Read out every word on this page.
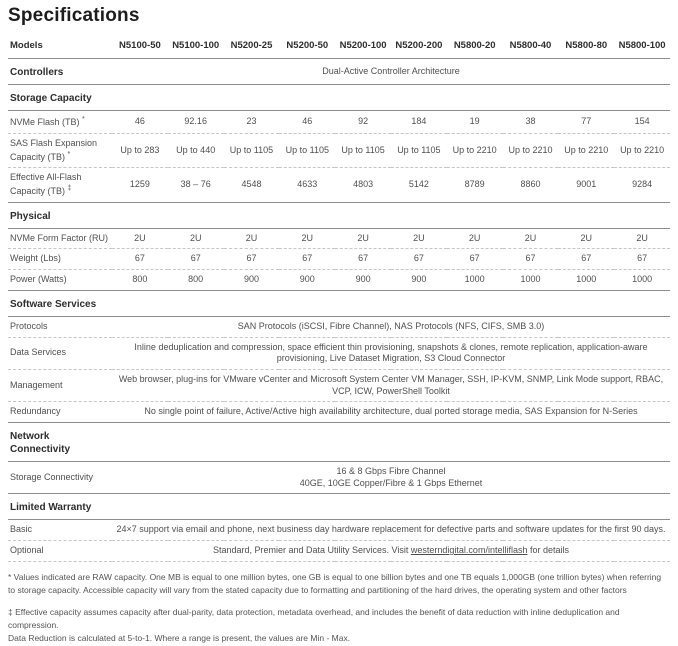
Specifications
Models	N5100-50	N5100-100	N5200-25	N5200-50	N5200-100	N5200-200	N5800-20	N5800-40	N5800-80	N5800-100
Controllers	Dual-Active Controller Architecture									
Storage Capacity										
NVMe Flash (TB) *	46	92.16	23	46	92	184	19	38	77	154
SAS Flash Expansion Capacity (TB) *	Up to 283	Up to 440	Up to 1105	Up to 1105	Up to 1105	Up to 1105	Up to 2210	Up to 2210	Up to 2210	Up to 2210
Effective All-Flash Capacity (TB) ‡	1259	38 – 76	4548	4633	4803	5142	8789	8860	9001	9284
Physical										
NVMe Form Factor (RU)	2U	2U	2U	2U	2U	2U	2U	2U	2U	2U
Weight (Lbs)	67	67	67	67	67	67	67	67	67	67
Power (Watts)	800	800	900	900	900	900	1000	1000	1000	1000
Software Services										
Protocols	SAN Protocols (iSCSI, Fibre Channel), NAS Protocols (NFS, CIFS, SMB 3.0)									
Data Services	Inline deduplication and compression, space efficient thin provisioning, snapshots & clones, remote replication, application-aware provisioning, Live Dataset Migration, S3 Cloud Connector									
Management	Web browser, plug-ins for VMware vCenter and Microsoft System Center VM Manager, SSH, IP-KVM, SNMP, Link Mode support, RBAC, VCP, ICW, PowerShell Toolkit									
Redundancy	No single point of failure, Active/Active high availability architecture, dual ported storage media, SAS Expansion for N-Series									
Network Connectivity										
Storage Connectivity	16 & 8 Gbps Fibre Channel
40GE, 10GE Copper/Fibre & 1 Gbps Ethernet									

Limited Warranty										
Basic	24×7 support via email and phone, next business day hardware replacement for defective parts and software updates for the first 90 days.									
Optional	Standard, Premier and Data Utility Services. Visit westerndigital.com/intelliflash for details									

* Values indicated are RAW capacity. One MB is equal to one million bytes, one GB is equal to one billion bytes and one TB equals 1,000GB (one trillion bytes) when referring to storage capacity. Accessible capacity will vary from the stated capacity due to formatting and partitioning of the hard drives, the operating system and other factors

‡ Effective capacity assumes capacity after dual-parity, data protection, metadata overhead, and includes the benefit of data reduction with inline deduplication and compression.
Data Reduction is calculated at 5-to-1. Where a range is present, the values are Min - Max.
